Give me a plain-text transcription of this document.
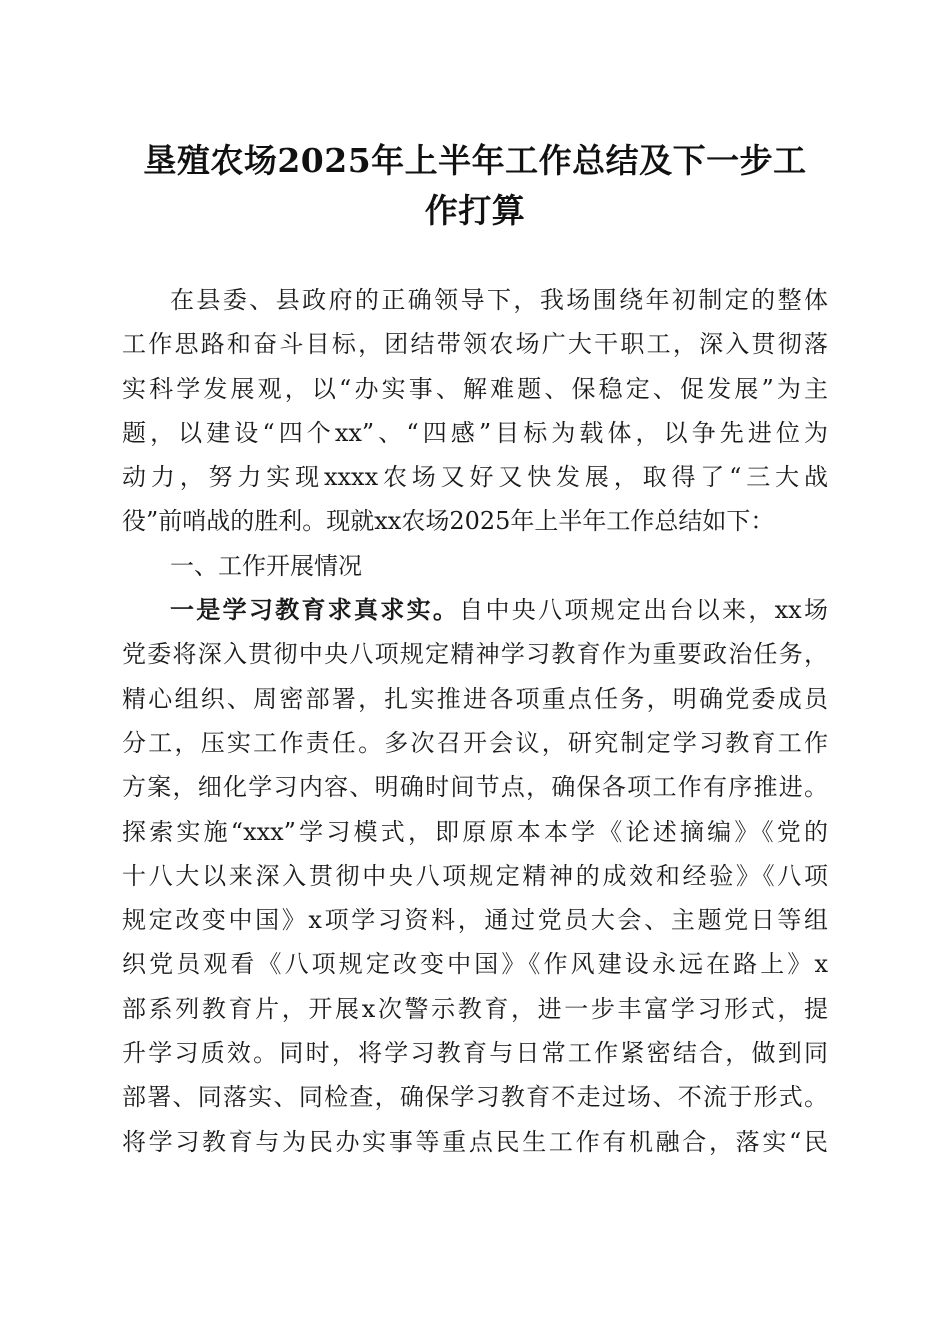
垦殖农场2025年上半年工作总结及下一步工
作打算
在县委、县政府的正确领导下，我场围绕年初制定的整体
工作思路和奋斗目标，团结带领农场广大干职工，深入贯彻落
实科学发展观，以“办实事、解难题、保稳定、促发展”为主
题，以建设“四个xx”、“四感”目标为载体，以争先进位为
动力，努力实现xxxx农场又好又快发展，取得了“三大战
役”前哨战的胜利。现就xx农场2025年上半年工作总结如下：
一、工作开展情况
一是学习教育求真求实。自中央八项规定出台以来，xx场
党委将深入贯彻中央八项规定精神学习教育作为重要政治任务，
精心组织、周密部署，扎实推进各项重点任务，明确党委成员
分工，压实工作责任。多次召开会议，研究制定学习教育工作
方案，细化学习内容、明确时间节点，确保各项工作有序推进。
探索实施“xxx”学习模式，即原原本本学《论述摘编》《党的
十八大以来深入贯彻中央八项规定精神的成效和经验》《八项
规定改变中国》x项学习资料，通过党员大会、主题党日等组
织党员观看《八项规定改变中国》《作风建设永远在路上》x
部系列教育片，开展x次警示教育，进一步丰富学习形式，提
升学习质效。同时，将学习教育与日常工作紧密结合，做到同
部署、同落实、同检查，确保学习教育不走过场、不流于形式。
将学习教育与为民办实事等重点民生工作有机融合，落实“民
